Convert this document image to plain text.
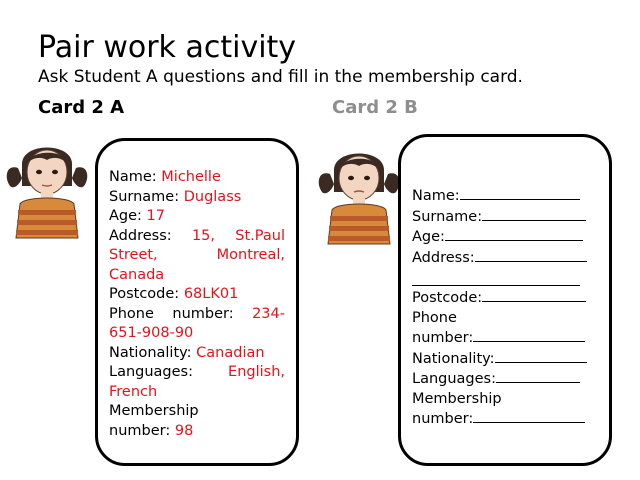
Pair work activity
Ask Student A questions and fill in the membership card.
Card 2 A	Card 2 B
Name: Michelle
Surname: Duglass
Age: 17
Address: 15, St.Paul
Street, Montreal,
Canada
Postcode: 68LK01
Phone number: 234-
651-908-90
Nationality: Canadian
Languages: English,
French
Membership
number: 98
Name:
Surname:
Age:
Address:
Postcode:
Phone
number:
Nationality:
Languages:
Membership
number:
